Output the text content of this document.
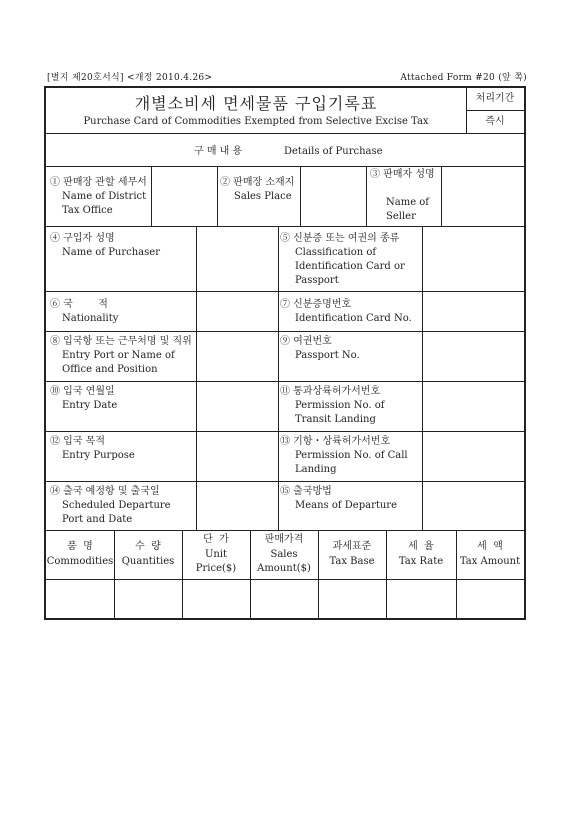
[별지 제20호서식] <개정 2010.4.26>	Attached Form #20 (앞 쪽)
개별소비세 면세물품 구입기록표
Purchase Card of Commodities Exempted from Selective Excise Tax
처리기간
즉시
구 매 내 용	Details of Purchase
① 판매장 관할 세무서
Name of District Tax Office
② 판매장 소재지
Sales Place
③ 판매자 성명
Name of Seller
④ 구입자 성명
Name of Purchaser
⑤ 신분증 또는 여권의 종류
Classification of Identification Card or Passport
⑥ 국        적
Nationality
⑦ 신분증명번호
Identification Card No.
⑧ 입국항 또는 근무처명 및 직위
Entry Port or Name of Office and Position
⑨ 여권번호
Passport No.
⑩ 입국 연월일
Entry Date
⑪ 통과상륙허가서번호
Permission No. of Transit Landing
⑫ 입국 목적
Entry Purpose
⑬ 기항・상륙허가서번호
Permission No. of Call Landing
⑭ 출국 예정항 및 출국일
Scheduled Departure Port and Date
⑮ 출국방법
Means of Departure
품  명
Commodities
수  량
Quantities
단  가
Unit Price($)
판매가격
Sales Amount($)
과세표준
Tax Base
세  율
Tax Rate
세  액
Tax Amount
